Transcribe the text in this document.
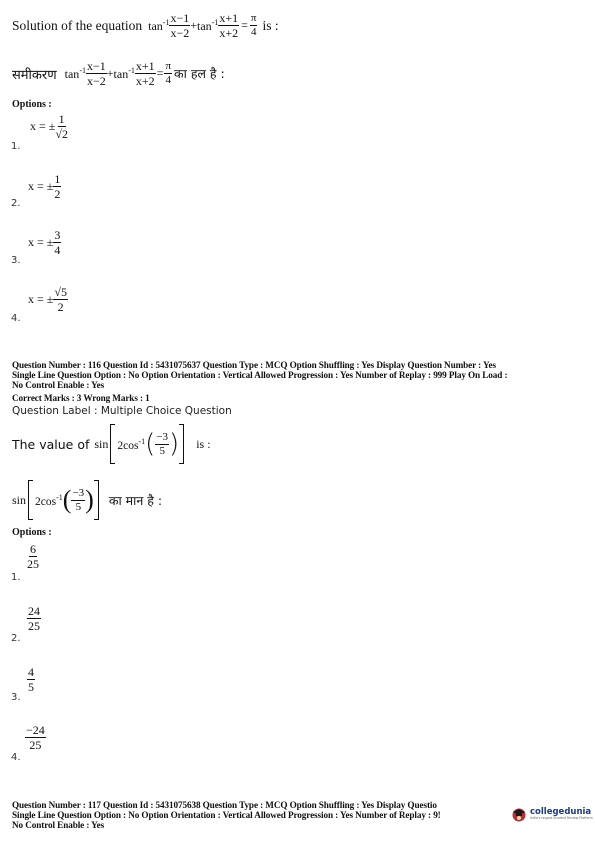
Solution of the equation $\tan^{-1} \frac{x-1}{x-2} + \tan^{-1} \frac{x+1}{x+2} = \frac{\pi}{4}$ is :
समीकरण $\tan^{-1} \frac{x-1}{x-2} + \tan^{-1} \frac{x+1}{x+2} = \frac{\pi}{4}$ का हल है :
Options :
x = ± $\frac{1}{√2}$
1.
x = ± $\frac{1}{2}$
2.
x = ± $\frac{3}{4}$
3.
x = ± $\frac{√5}{2}$
4.
Question Number : 116 Question Id : 5431075637 Question Type : MCQ Option Shuffling : Yes Display Question Number : Yes
Single Line Question Option : No Option Orientation : Vertical Allowed Progression : Yes Number of Replay : 999 Play On Load :
No Control Enable : Yes
Correct Marks : 3 Wrong Marks : 1
Question Label : Multiple Choice Question
The value of $\sin 2\cos^{-1}$ ( $\frac{-3}{5}$ ) is :
$\sin 2\cos^{-1}$ ( $\frac{-3}{5}$ ) का मान है :
Options :
$\frac{6}{25}$
1.
$\frac{24}{25}$
2.
$\frac{4}{5}$
3.
$\frac{-24}{25}$
4.
Question Number : 117 Question Id : 5431075638 Question Type : MCQ Option Shuffling : Yes Display Questio
Single Line Question Option : No Option Orientation : Vertical Allowed Progression : Yes Number of Replay : 9!
No Control Enable : Yes
collegedunia
India's largest Student Review Platform
